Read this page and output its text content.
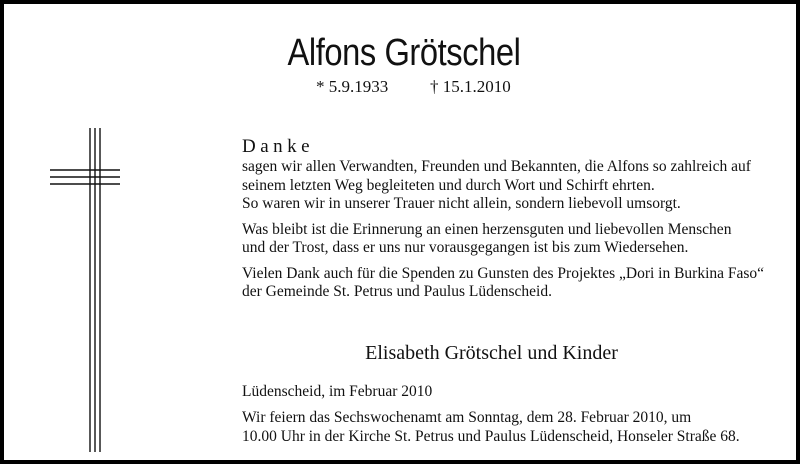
Alfons Grötschel
* 5.9.1933 † 15.1.2010
Danke

sagen wir allen Verwandten, Freunden und Bekannten, die Alfons so zahlreich auf

seinem letzten Weg begleiteten und durch Wort und Schirft ehrten.

So waren wir in unserer Trauer nicht allein, sondern liebevoll umsorgt.

Was bleibt ist die Erinnerung an einen herzensguten und liebevollen Menschen

und der Trost, dass er uns nur vorausgegangen ist bis zum Wiedersehen.

Vielen Dank auch für die Spenden zu Gunsten des Projektes „Dori in Burkina Faso“

der Gemeinde St. Petrus und Paulus Lüdenscheid.

Elisabeth Grötschel und Kinder
Lüdenscheid, im Februar 2010

Wir feiern das Sechswochenamt am Sonntag, dem 28. Februar 2010, um

10.00 Uhr in der Kirche St. Petrus und Paulus Lüdenscheid, Honseler Straße 68.
